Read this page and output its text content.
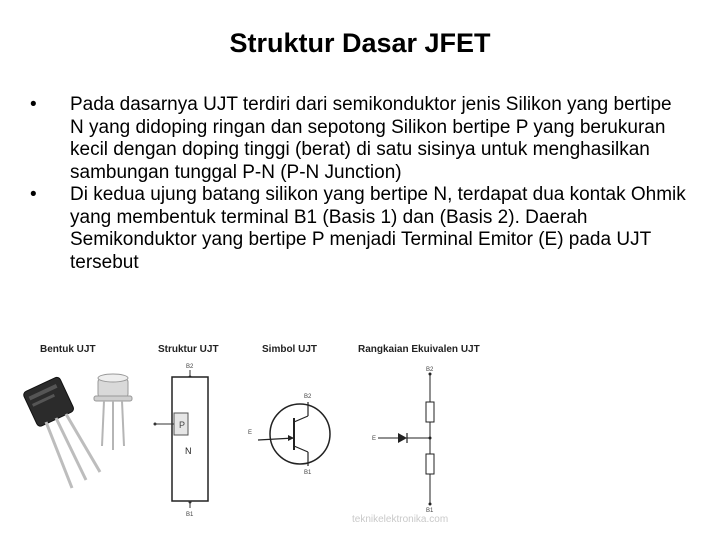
Struktur Dasar JFET
•	Pada dasarnya UJT terdiri dari semikonduktor jenis Silikon yang bertipe N yang didoping ringan dan sepotong Silikon bertipe P yang berukuran kecil dengan doping tinggi (berat) di satu sisinya untuk menghasilkan sambungan tunggal P-N (P-N Junction)
•	Di kedua ujung batang silikon yang bertipe N, terdapat dua kontak Ohmik yang membentuk terminal B1 (Basis 1) dan (Basis 2). Daerah Semikonduktor yang bertipe P menjadi Terminal Emitor (E) pada UJT tersebut
Bentuk UJT	Struktur UJT	Simbol UJT	Rangkaian Ekuivalen UJT
B2
P
N
B1
B2
E
B1
B2
E
B1
teknikelektronika.com
